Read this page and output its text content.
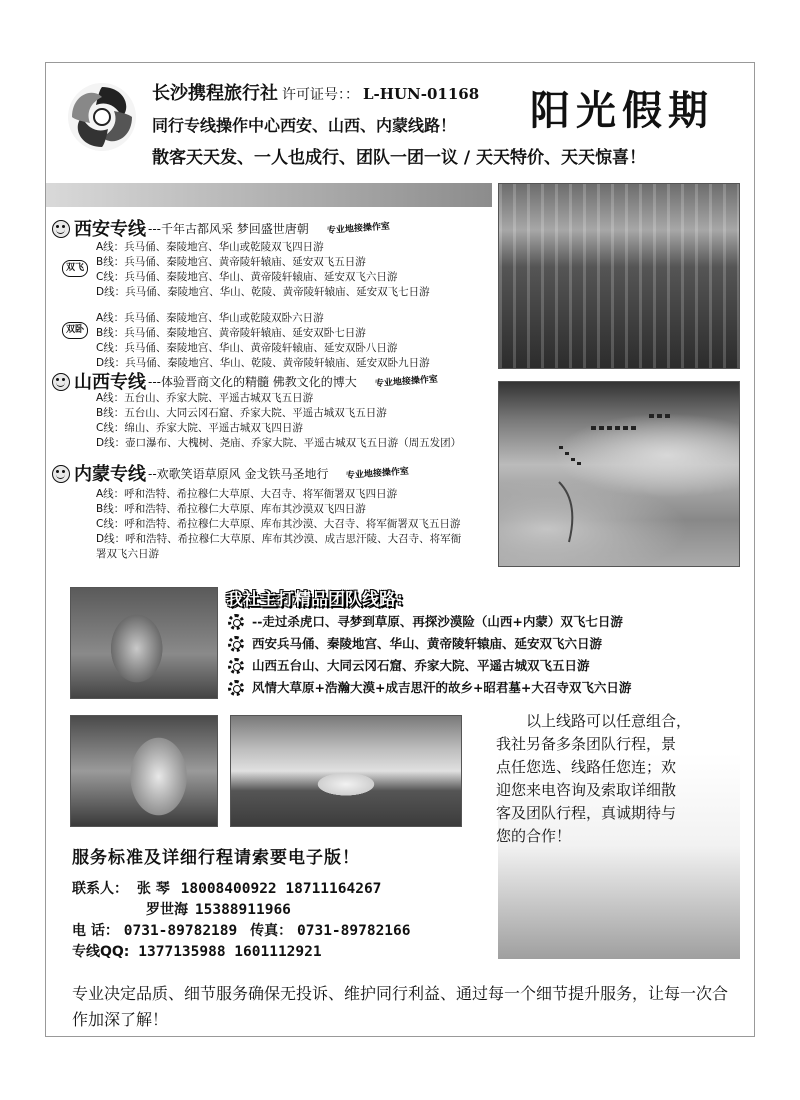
长沙携程旅行社 许可证号：： L-HUN-01168 阳光假期
同行专线操作中心西安、山西、内蒙线路！
散客天天发、一人也成行、团队一团一议 / 天天特价、天天惊喜！
西安专线 ---千年古都风采 梦回盛世唐朝 专业地接操作室
双飞
A线：兵马俑、秦陵地宫、华山或乾陵双飞四日游
B线：兵马俑、秦陵地宫、黄帝陵轩辕庙、延安双飞五日游
C线：兵马俑、秦陵地宫、华山、黄帝陵轩辕庙、延安双飞六日游
D线：兵马俑、秦陵地宫、华山、乾陵、黄帝陵轩辕庙、延安双飞七日游
双卧
A线：兵马俑、秦陵地宫、华山或乾陵双卧六日游
B线：兵马俑、秦陵地宫、黄帝陵轩辕庙、延安双卧七日游
C线：兵马俑、秦陵地宫、华山、黄帝陵轩辕庙、延安双卧八日游
D线：兵马俑、秦陵地宫、华山、乾陵、黄帝陵轩辕庙、延安双卧九日游
山西专线 ---体验晋商文化的精髓 佛教文化的博大 专业地接操作室
A线：五台山、乔家大院、平遥古城双飞五日游
B线：五台山、大同云冈石窟、乔家大院、平遥古城双飞五日游
C线：绵山、乔家大院、平遥古城双飞四日游
D线：壶口瀑布、大槐树、尧庙、乔家大院、平遥古城双飞五日游（周五发团）
内蒙专线 --欢歌笑语草原风 金戈铁马圣地行 专业地接操作室
A线：呼和浩特、希拉穆仁大草原、大召寺、将军衙署双飞四日游
B线：呼和浩特、希拉穆仁大草原、库布其沙漠双飞四日游
C线：呼和浩特、希拉穆仁大草原、库布其沙漠、大召寺、将军衙署双飞五日游
D线：呼和浩特、希拉穆仁大草原、库布其沙漠、成吉思汗陵、大召寺、将军衙
署双飞六日游
我社主打精品团队线路：
--走过杀虎口、寻梦到草原、再探沙漠险（山西+内蒙）双飞七日游
西安兵马俑、秦陵地宫、华山、黄帝陵轩辕庙、延安双飞六日游
山西五台山、大同云冈石窟、乔家大院、平遥古城双飞五日游
风情大草原+浩瀚大漠+成吉思汗的故乡+昭君墓+大召寺双飞六日游
以上线路可以任意组合，
我社另备多条团队行程，景
点任您选、线路任您连；欢
迎您来电咨询及索取详细散
客及团队行程，真诚期待与
您的合作！
服务标准及详细行程请索要电子版！
联系人： 张 琴 18008400922 18711164267
罗世海 15388911966
电 话： 0731-89782189 传真： 0731-89782166
专线QQ: 1377135988 1601112921
专业决定品质、细节服务确保无投诉、维护同行利益、通过每一个细节提升服务，让每一次合作加深了解！
